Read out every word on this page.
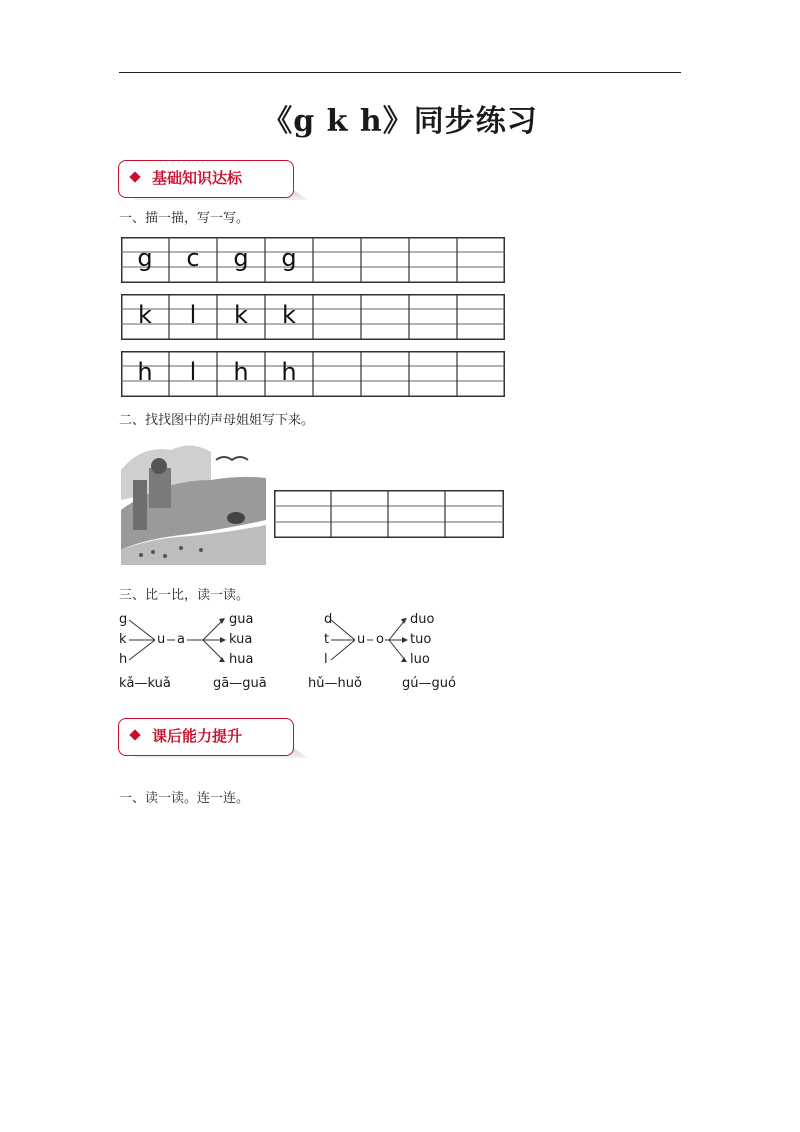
《g k h》同步练习
基础知识达标
一、描一描，写一写。
g	c	g	g
k	l	k	k
h	l	h	h
二、找找图中的声母姐姐写下来。
三、比一比，读一读。
g
k
h
u a
gua
kua
hua
d
t
l
u o
duo
tuo
luo
kǎ—kuǎ	gā—guā	hǔ—huǒ	gú—guó
课后能力提升
一、读一读。连一连。
